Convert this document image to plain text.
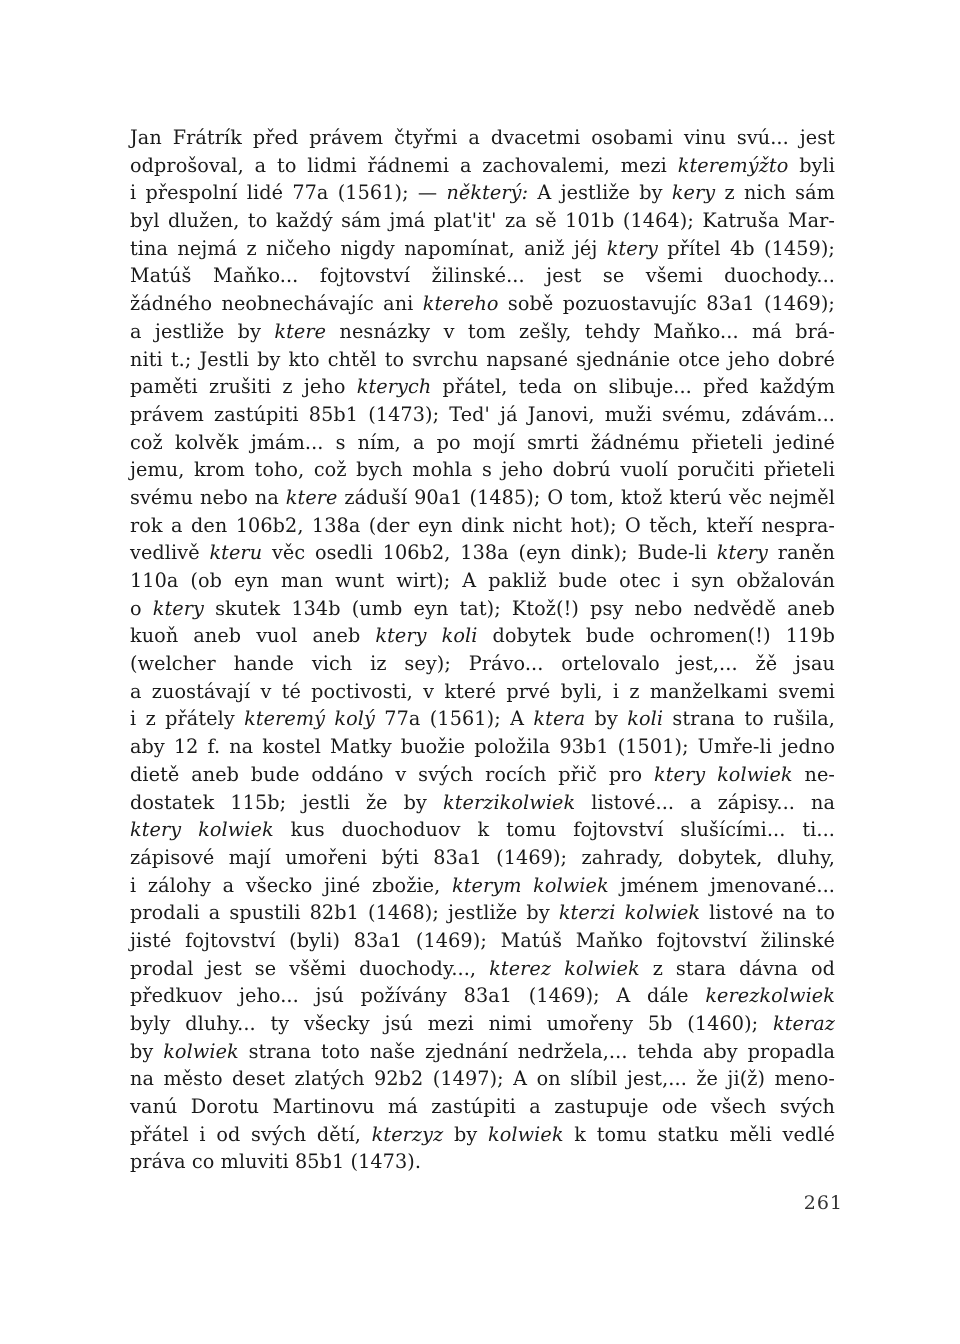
Jan Frátrík před právem čtyřmi a dvacetmi osobami vinu svú... jest
odprošoval, a to lidmi řádnemi a zachovalemi, mezi kteremýžto byli
i přespolní lidé 77a (1561); — některý: A jestliže by kery z nich sám
byl dlužen, to každý sám jmá plat'it' za sě 101b (1464); Katruša Mar-
tina nejmá z ničeho nigdy napomínat, aniž jéj ktery přítel 4b (1459);
Matúš Maňko... fojtovství žilinské... jest se všemi duochody...
žádného neobnechávajíc ani ktereho sobě pozuostavujíc 83a1 (1469);
a jestliže by ktere nesnázky v tom zešly, tehdy Maňko... má brá-
niti t.; Jestli by kto chtěl to svrchu napsané sjednánie otce jeho dobré
paměti zrušiti z jeho kterych přátel, teda on slibuje... před každým
právem zastúpiti 85b1 (1473); Ted' já Janovi, muži svému, zdávám...
což kolvěk jmám... s ním, a po mojí smrti žádnému přieteli jediné
jemu, krom toho, což bych mohla s jeho dobrú vuolí poručiti přieteli
svému nebo na ktere záduší 90a1 (1485); O tom, ktož kterú věc nejměl
rok a den 106b2, 138a (der eyn dink nicht hot); O těch, kteří nespra-
vedlivě kteru věc osedli 106b2, 138a (eyn dink); Bude-li ktery raněn
110a (ob eyn man wunt wirt); A pakliž bude otec i syn obžalován
o ktery skutek 134b (umb eyn tat); Ktož(!) psy nebo nedvědě aneb
kuoň aneb vuol aneb ktery koli dobytek bude ochromen(!) 119b
(welcher hande vich iz sey); Právo... ortelovalo jest,... žě jsau
a zuostávají v té poctivosti, v které prvé byli, i z manželkami svemi
i z přátely kteremý kolý 77a (1561); A ktera by koli strana to rušila,
aby 12 f. na kostel Matky buožie položila 93b1 (1501); Umře-li jedno
dietě aneb bude oddáno v svých rocích přič pro ktery kolwiek ne-
dostatek 115b; jestli že by kterzikolwiek listové... a zápisy... na
ktery kolwiek kus duochoduov k tomu fojtovství slušícími... ti...
zápisové mají umořeni býti 83a1 (1469); zahrady, dobytek, dluhy,
i zálohy a všecko jiné zbožie, kterym kolwiek jménem jmenované...
prodali a spustili 82b1 (1468); jestliže by kterzi kolwiek listové na to
jisté fojtovství (byli) 83a1 (1469); Matúš Maňko fojtovství žilinské
prodal jest se všěmi duochody..., kterez kolwiek z stara dávna od
předkuov jeho... jsú požívány 83a1 (1469); A dále kerezkolwiek
byly dluhy... ty všecky jsú mezi nimi umořeny 5b (1460); kteraz
by kolwiek strana toto naše zjednání nedržela,... tehda aby propadla
na město deset zlatých 92b2 (1497); A on slíbil jest,... že ji(ž) meno-
vanú Dorotu Martinovu má zastúpiti a zastupuje ode všech svých
přátel i od svých dětí, kterzyz by kolwiek k tomu statku měli vedlé
práva co mluviti 85b1 (1473).
261
